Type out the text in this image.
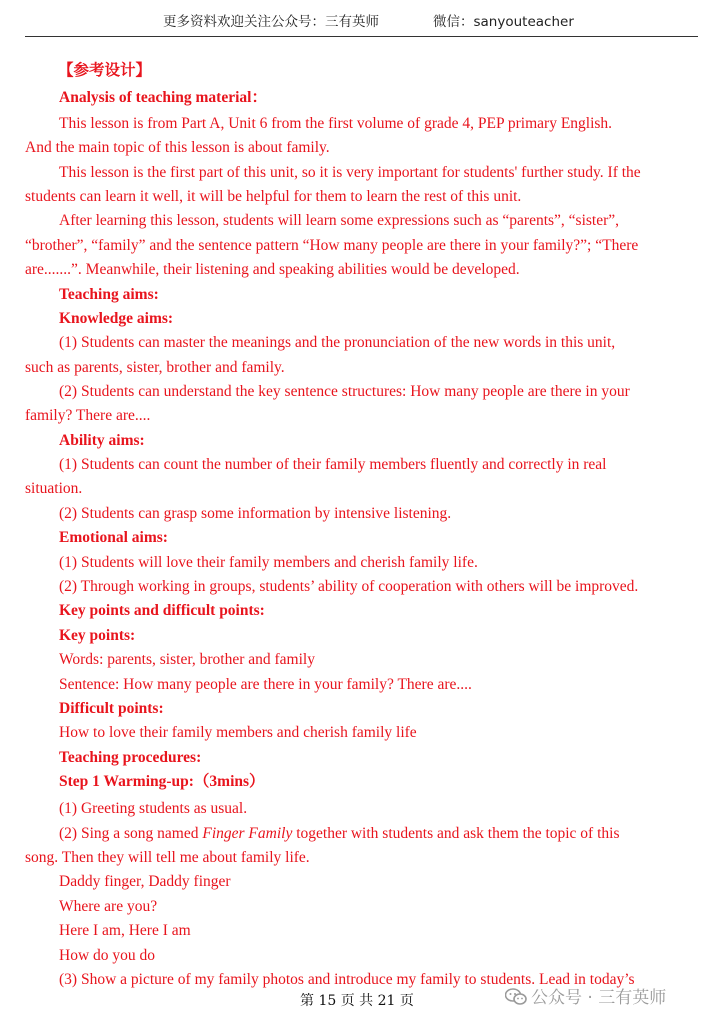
更多资料欢迎关注公众号：三有英师	微信：sanyouteacher
【参考设计】
Analysis of teaching material：
This lesson is from Part A, Unit 6 from the first volume of grade 4, PEP primary English.
And the main topic of this lesson is about family.
This lesson is the first part of this unit, so it is very important for students' further study. If the
students can learn it well, it will be helpful for them to learn the rest of this unit.
After learning this lesson, students will learn some expressions such as “parents”, “sister”,
“brother”, “family” and the sentence pattern “How many people are there in your family?”; “There
are.......”. Meanwhile, their listening and speaking abilities would be developed.
Teaching aims:
Knowledge aims:
(1) Students can master the meanings and the pronunciation of the new words in this unit,
such as parents, sister, brother and family.
(2) Students can understand the key sentence structures: How many people are there in your
family? There are....
Ability aims:
(1) Students can count the number of their family members fluently and correctly in real
situation.
(2) Students can grasp some information by intensive listening.
Emotional aims:
(1) Students will love their family members and cherish family life.
(2) Through working in groups, students’ ability of cooperation with others will be improved.
Key points and difficult points:
Key points:
Words: parents, sister, brother and family
Sentence: How many people are there in your family? There are....
Difficult points:
How to love their family members and cherish family life
Teaching procedures:
Step 1 Warming-up:（3mins）
(1) Greeting students as usual.
(2) Sing a song named Finger Family together with students and ask them the topic of this
song. Then they will tell me about family life.
Daddy finger, Daddy finger
Where are you?
Here I am, Here I am
How do you do
(3) Show a picture of my family photos and introduce my family to students. Lead in today’s
第 15 页 共 21 页	公众号 · 三有英师
